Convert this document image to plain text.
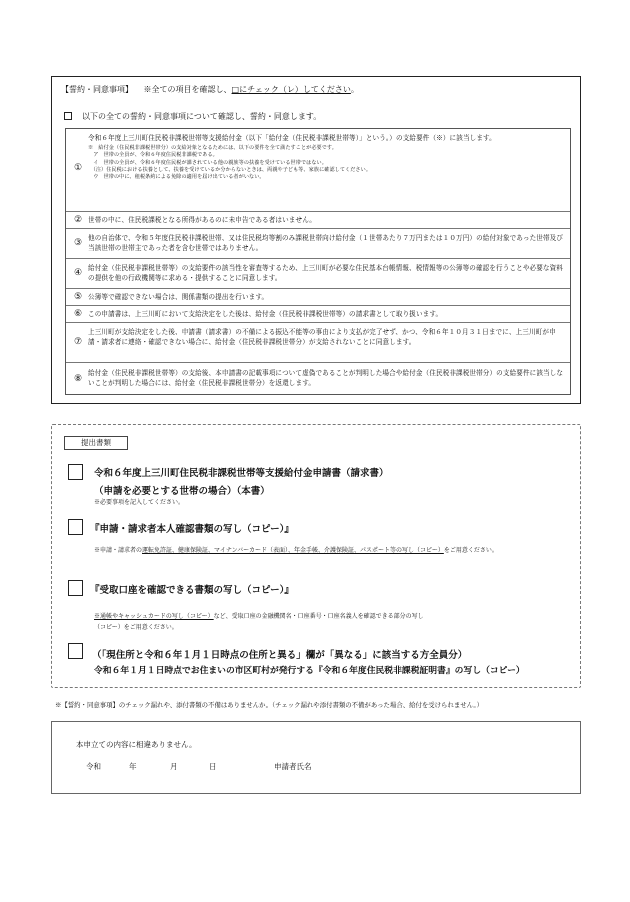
【誓約・同意事項】 ※全ての項目を確認し、□にチェック（レ）してください。
以下の全ての誓約・同意事項について確認し、誓約・同意します。
①
令和６年度上三川町住民税非課税世帯等支援給付金（以下「給付金（住民税非課税世帯等）」という。）の支給要件（※）に該当します。
※　給付金（住民税非課税世帯分）の支給対象となるためには、以下の要件を全て満たすことが必要です。
　ア　世帯の全員が、令和６年度住民税非課税である。
　イ　世帯の全員が、令和６年度住民税が課されている他の親族等の扶養を受けている世帯ではない。
　（注）住民税における扶養として、扶養を受けているか分からないときは、両親や子ども等、家族に確認してください。
　ウ　世帯の中に、租税条約による免除の適用を届け出ている者がいない。
② 世帯の中に、住民税課税となる所得があるのに未申告である者はいません。
③ 他の自治体で、令和５年度住民税非課税世帯、又は住民税均等割のみ課税世帯向け給付金（１世帯あたり７万円または１０万円）の給付対象であった世帯及び当該世帯の世帯主であった者を含む世帯ではありません。
④ 給付金（住民税非課税世帯等）の支給要件の該当性を審査等するため、上三川町が必要な住民基本台帳情報、税情報等の公簿等の確認を行うことや必要な資料の提供を他の行政機関等に求める・提供することに同意します。
⑤ 公簿等で確認できない場合は、関係書類の提出を行います。
⑥ この申請書は、上三川町において支給決定をした後は、給付金（住民税非課税世帯等）の請求書として取り扱います。
⑦
上三川町が支給決定をした後、申請書（請求書）の不備による振込不能等の事由により支払が完了せず、かつ、令和６年１０月３１日までに、上三川町が申請・請求者に連絡・確認できない場合に、給付金（住民税非課税世帯分）が支給されないことに同意します。
⑧
給付金（住民税非課税世帯等）の支給後、本申請書の記載事項について虚偽であることが判明した場合や給付金（住民税非課税世帯分）の支給要件に該当しないことが判明した場合には、給付金（住民税非課税世帯分）を返還します。
提出書類
令和６年度上三川町住民税非課税世帯等支援給付金申請書（請求書）
（申請を必要とする世帯の場合）（本書）
※必要事項を記入してください。
『申請・請求者本人確認書類の写し（コピー）』
※申請・請求者の運転免許証、健康保険証、マイナンバーカード（表面）、年金手帳、介護保険証、パスポート等の写し（コピー）をご用意ください。
『受取口座を確認できる書類の写し（コピー）』
※通帳やキャッシュカードの写し（コピー）など、受取口座の金融機関名・口座番号・口座名義人を確認できる部分の写し
（コピー）をご用意ください。
（「現住所と令和６年１月１日時点の住所と異る」欄が「異なる」に該当する方全員分）
令和６年１月１日時点でお住まいの市区町村が発行する『令和６年度住民税非課税証明書』の写し（コピー）
※【誓約・同意事項】のチェック漏れや、添付書類の不備はありませんか。（チェック漏れや添付書類の不備があった場合、給付を受けられません。）
本申立ての内容に相違ありません。
令和	年	月	日	申請者氏名
